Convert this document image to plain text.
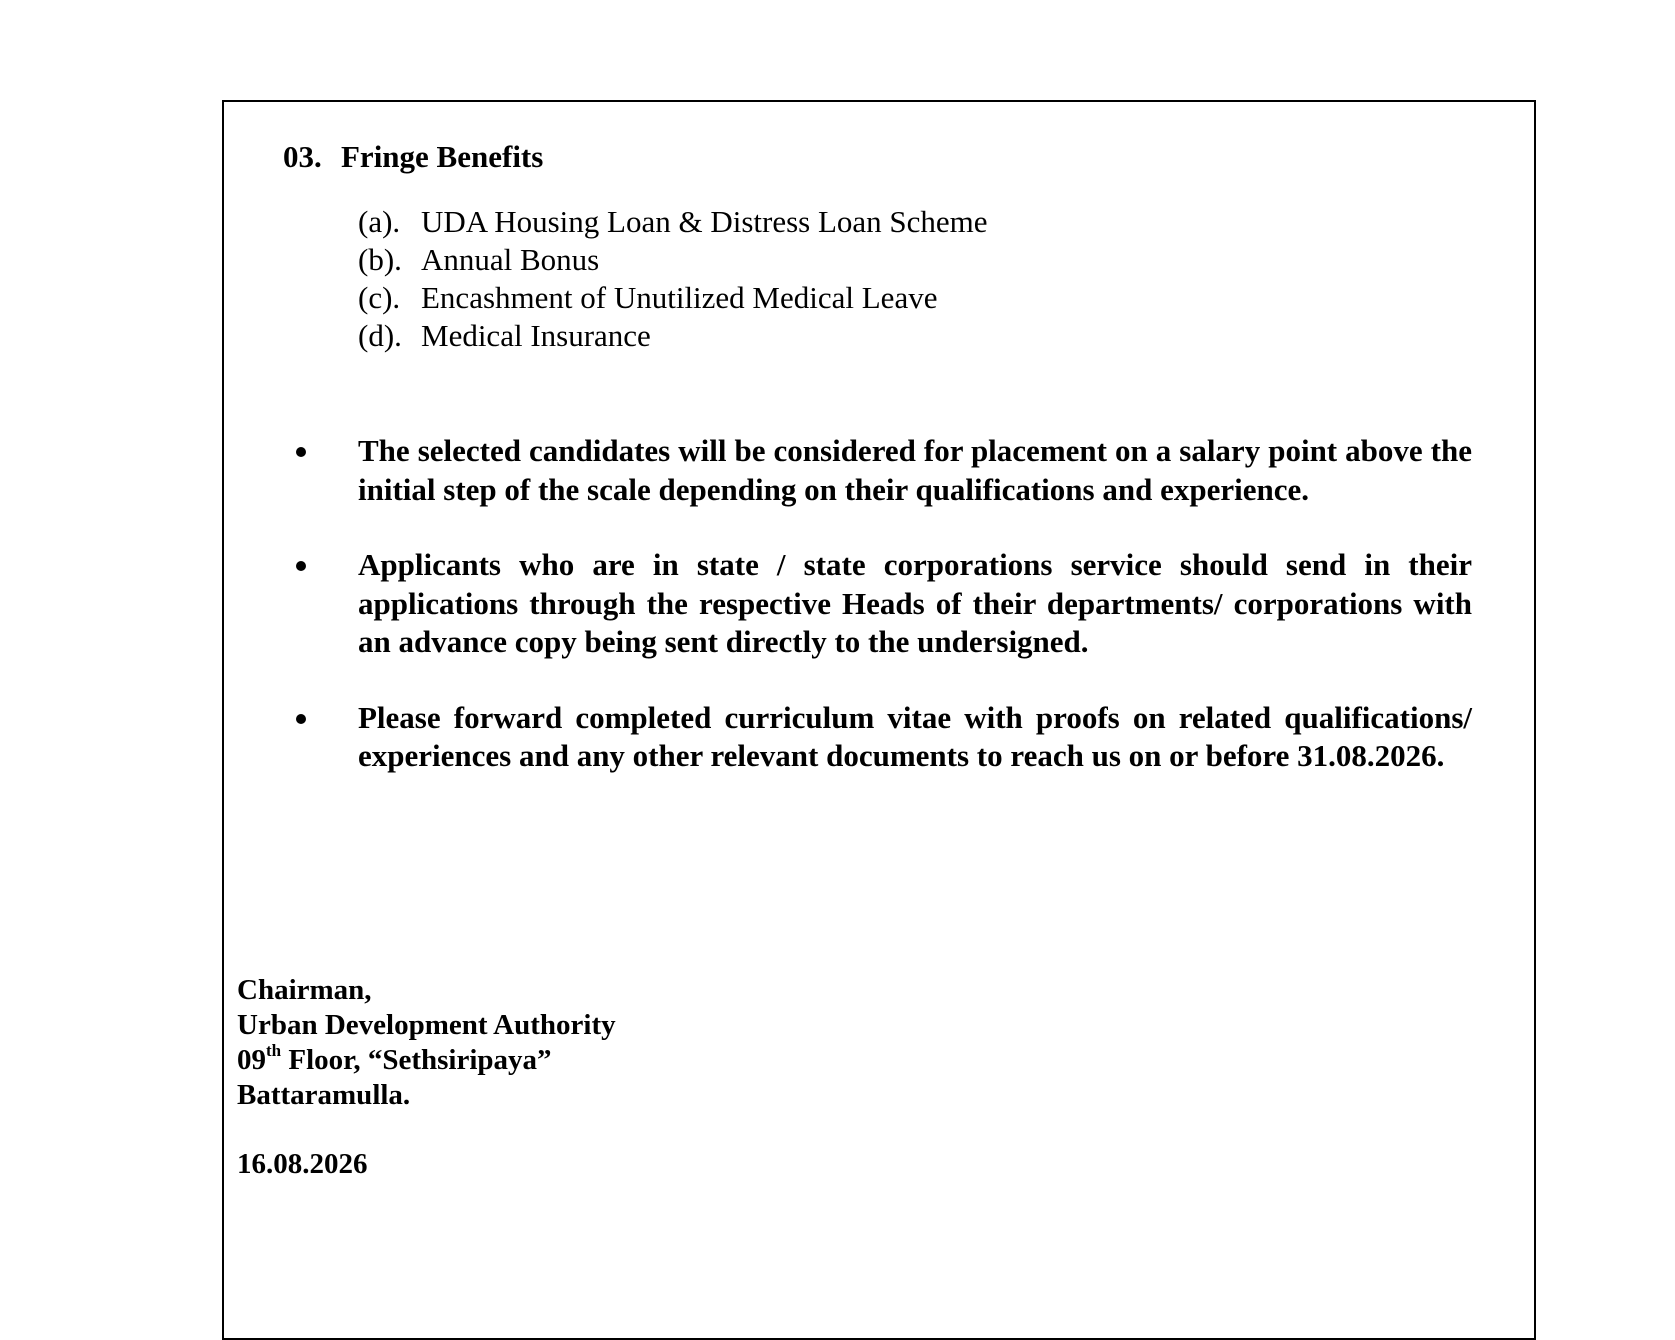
03. Fringe Benefits
(a). UDA Housing Loan & Distress Loan Scheme
(b). Annual Bonus
(c). Encashment of Unutilized Medical Leave
(d). Medical Insurance
The selected candidates will be considered for placement on a salary point above the initial step of the scale depending on their qualifications and experience.
Applicants who are in state / state corporations service should send in their applications through the respective Heads of their departments/ corporations with an advance copy being sent directly to the undersigned.
Please forward completed curriculum vitae with proofs on related qualifications/ experiences and any other relevant documents to reach us on or before 31.08.2026.
Chairman,
Urban Development Authority
09th Floor, “Sethsiripaya”
Battaramulla.
16.08.2026
